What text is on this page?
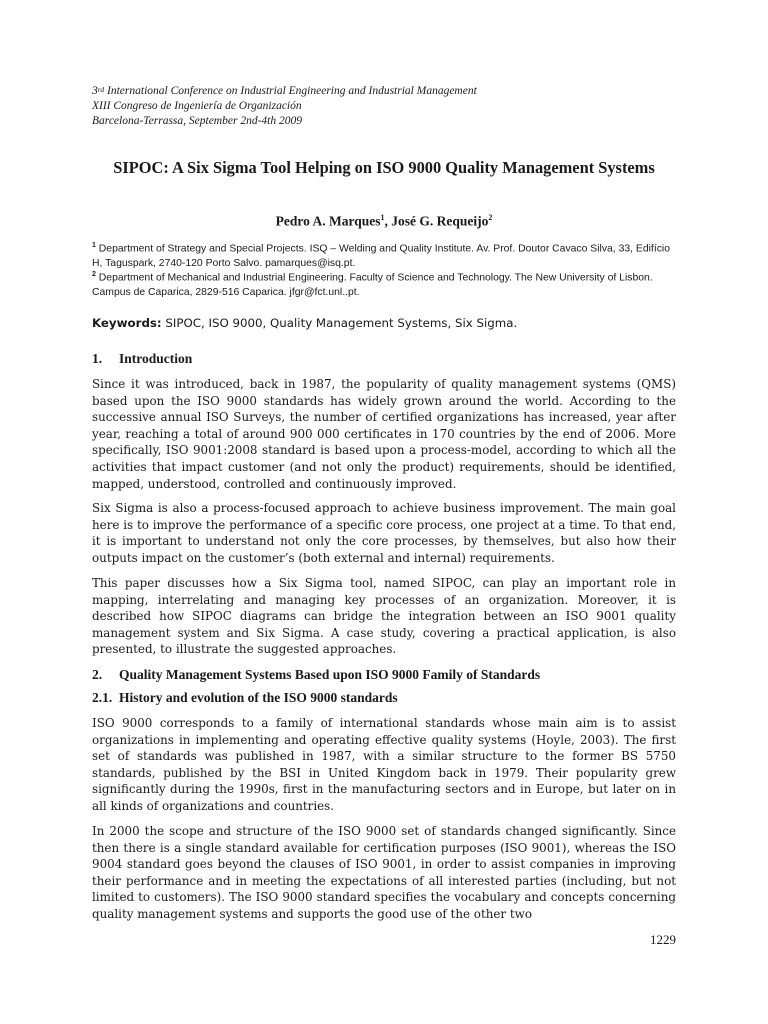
3rd International Conference on Industrial Engineering and Industrial Management

XIII Congreso de Ingeniería de Organización

Barcelona-Terrassa, September 2nd-4th 2009

SIPOC: A Six Sigma Tool Helping on ISO 9000 Quality Management Systems

Pedro A. Marques$^1$, José G. Requeijo$^2$

$^1$ Department of Strategy and Special Projects. ISQ – Welding and Quality Institute. Av. Prof. Doutor Cavaco Silva, 33, Edifício H, Taguspark, 2740-120 Porto Salvo. pamarques@isq.pt.

$^2$ Department of Mechanical and Industrial Engineering. Faculty of Science and Technology. The New University of Lisbon. Campus de Caparica, 2829-516 Caparica. jfgr@fct.unl..pt.

Keywords: SIPOC, ISO 9000, Quality Management Systems, Six Sigma.

1. Introduction

Since it was introduced, back in 1987, the popularity of quality management systems (QMS) based upon the ISO 9000 standards has widely grown around the world. According to the successive annual ISO Surveys, the number of certified organizations has increased, year after year, reaching a total of around 900 000 certificates in 170 countries by the end of 2006. More specifically, ISO 9001:2008 standard is based upon a process-model, according to which all the activities that impact customer (and not only the product) requirements, should be identified, mapped, understood, controlled and continuously improved.

Six Sigma is also a process-focused approach to achieve business improvement. The main goal here is to improve the performance of a specific core process, one project at a time. To that end, it is important to understand not only the core processes, by themselves, but also how their outputs impact on the customer’s (both external and internal) requirements.

This paper discusses how a Six Sigma tool, named SIPOC, can play an important role in mapping, interrelating and managing key processes of an organization. Moreover, it is described how SIPOC diagrams can bridge the integration between an ISO 9001 quality management system and Six Sigma. A case study, covering a practical application, is also presented, to illustrate the suggested approaches.

2. Quality Management Systems Based upon ISO 9000 Family of Standards
2.1. History and evolution of the ISO 9000 standards

ISO 9000 corresponds to a family of international standards whose main aim is to assist organizations in implementing and operating effective quality systems (Hoyle, 2003). The first set of standards was published in 1987, with a similar structure to the former BS 5750 standards, published by the BSI in United Kingdom back in 1979. Their popularity grew significantly during the 1990s, first in the manufacturing sectors and in Europe, but later on in all kinds of organizations and countries.

In 2000 the scope and structure of the ISO 9000 set of standards changed significantly. Since then there is a single standard available for certification purposes (ISO 9001), whereas the ISO 9004 standard goes beyond the clauses of ISO 9001, in order to assist companies in improving their performance and in meeting the expectations of all interested parties (including, but not limited to customers). The ISO 9000 standard specifies the vocabulary and concepts concerning quality management systems and supports the good use of the other two

1229
